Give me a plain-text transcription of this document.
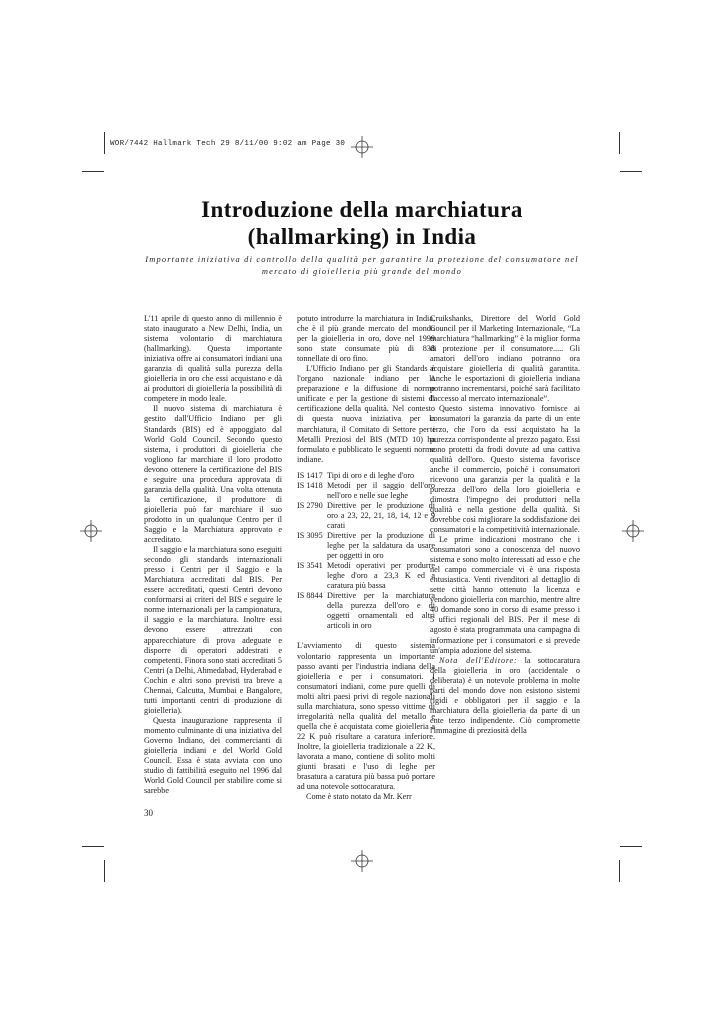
WOR/7442 Hallmark Tech 29 8/11/00 9:02 am Page 30
Introduzione della marchiatura
(hallmarking) in India

Importante iniziativa di controllo della qualità per garantire la protezione del consumatore nel mercato di gioielleria più grande del mondo

L'11 aprile di questo anno di millennio è stato inaugurato a New Delhi, India, un sistema volontario di marchiatura (hallmarking). Questa importante iniziativa offre ai consumatori indiani una garanzia di qualità sulla purezza della gioielleria in oro che essi acquistano e dà ai produttori di gioielleria la possibilità di competere in modo leale.

Il nuovo sistema di marchiatura è gestito dall'Ufficio Indiano per gli Standards (BIS) ed è appoggiato dal World Gold Council. Secondo questo sistema, i produttori di gioielleria che vogliono far marchiare il loro prodotto devono ottenere la certificazione del BIS e seguire una procedura approvata di garanzia della qualità. Una volta ottenuta la certificazione, il produttore di gioielleria può far marchiare il suo prodotto in un qualunque Centro per il Saggio e la Marchiatura approvato e accreditato.

Il saggio e la marchiatura sono eseguiti secondo gli standards internazionali presso i Centri per il Saggio e la Marchiatura accreditati dal BIS. Per essere accreditati, questi Centri devono conformarsi ai criteri del BIS e seguire le norme internazionali per la campionatura, il saggio e la marchiatura. Inoltre essi devono essere attrezzati con apparecchiature di prova adeguate e disporre di operatori addestrati e competenti. Finora sono stati accreditati 5 Centri (a Delhi, Ahmedabad, Hyderabad e Cochin e altri sono previsti tra breve a Chennai, Calcutta, Mumbai e Bangalore, tutti importanti centri di produzione di gioielleria).

Questa inaugurazione rappresenta il momento culminante di una iniziativa del Governo Indiano, dei commercianti di gioielleria indiani e del World Gold Council. Essa è stata avviata con uno studio di fattibilità eseguito nel 1996 dal World Gold Council per stabilire come si sarebbe

potuto introdurre la marchiatura in India, che è il più grande mercato del mondo per la gioielleria in oro, dove nel 1999 sono state consumate più di 838 tonnellate di oro fino.

L'Ufficio Indiano per gli Standards è l'organo nazionale indiano per la preparazione e la diffusione di norme unificate e per la gestione di sistemi di certificazione della qualità. Nel contesto di questa nuova iniziativa per la marchiatura, il Comitato di Settore per i Metalli Preziosi del BIS (MTD 10) ha formulato e pubblicato le seguenti norme indiane.

IS 1417 Tipi di oro e di leghe d'oro
IS 1418 Metodi per il saggio dell'oro nell'oro e nelle sue leghe
IS 2790 Direttive per le produzione di oro a 23, 22, 21, 18, 14, 12 e 9 carati
IS 3095 Direttive per la produzione di leghe per la saldatura da usare per oggetti in oro
IS 3541 Metodi operativi per produrre leghe d'oro a 23,3 K ed a caratura più bassa
IS 8844 Direttive per la marchiatura della purezza dell'oro e di oggetti ornamentali ed altri articoli in oro

L'avviamento di questo sistema volontario rappresenta un importante passo avanti per l'industria indiana della gioielleria e per i consumatori. I consumatori indiani, come pure quelli di molti altri paesi privi di regole nazionali sulla marchiatura, sono spesso vittime di irregolarità nella qualità del metallo e quella che è acquistata come gioielleria a 22 K può risultare a caratura inferiore. Inoltre, la gioielleria tradizionale a 22 K, lavorata a mano, contiene di solito molti giunti brasati e l'uso di leghe per brasatura a caratura più bassa può portare ad una notevole sottocaratura.

Come è stato notato da Mr. Kerr

Cruikshanks, Direttore del World Gold Council per il Marketing Internazionale, “La marchiatura “hallmarking” è la miglior forma di protezione per il consumatore..... Gli amatori dell'oro indiano potranno ora acquistare gioielleria di qualità garantita. Anche le esportazioni di gioielleria indiana potranno incrementarsi, poiché sarà facilitato l'accesso al mercato internazionale”.

Questo sistema innovativo fornisce ai consumatori la garanzia da parte di un ente terzo, che l'oro da essi acquistato ha la purezza corrispondente al prezzo pagato. Essi sono protetti da frodi dovute ad una cattiva qualità dell'oro. Questo sistema favorisce anche il commercio, poiché i consumatori ricevono una garanzia per la qualità e la purezza dell'oro della loro gioielleria e dimostra l'impegno dei produttori nella qualità e nella gestione della qualità. Si dovrebbe così migliorare la soddisfazione dei consumatori e la competitività internazionale.

Le prime indicazioni mostrano che i consumatori sono a conoscenza del nuovo sistema e sono molto interessati ad esso e che nel campo commerciale vi è una risposta entusiastica. Venti rivenditori al dettaglio di sette città hanno ottenuto la licenza e vendono gioielleria con marchio, mentre altre 40 domande sono in corso di esame presso i 5 uffici regionali del BIS. Per il mese di agosto è stata programmata una campagna di informazione per i consumatori e si prevede un'ampia adozione del sistema.

Nota dell'Editore: la sottocaratura della gioielleria in oro (accidentale o deliberata) è un notevole problema in molte parti del mondo dove non esistono sistemi rigidi e obbligatori per il saggio e la marchiatura della gioielleria da parte di un ente terzo indipendente. Ciò compromette l'immagine di preziosità della

30
